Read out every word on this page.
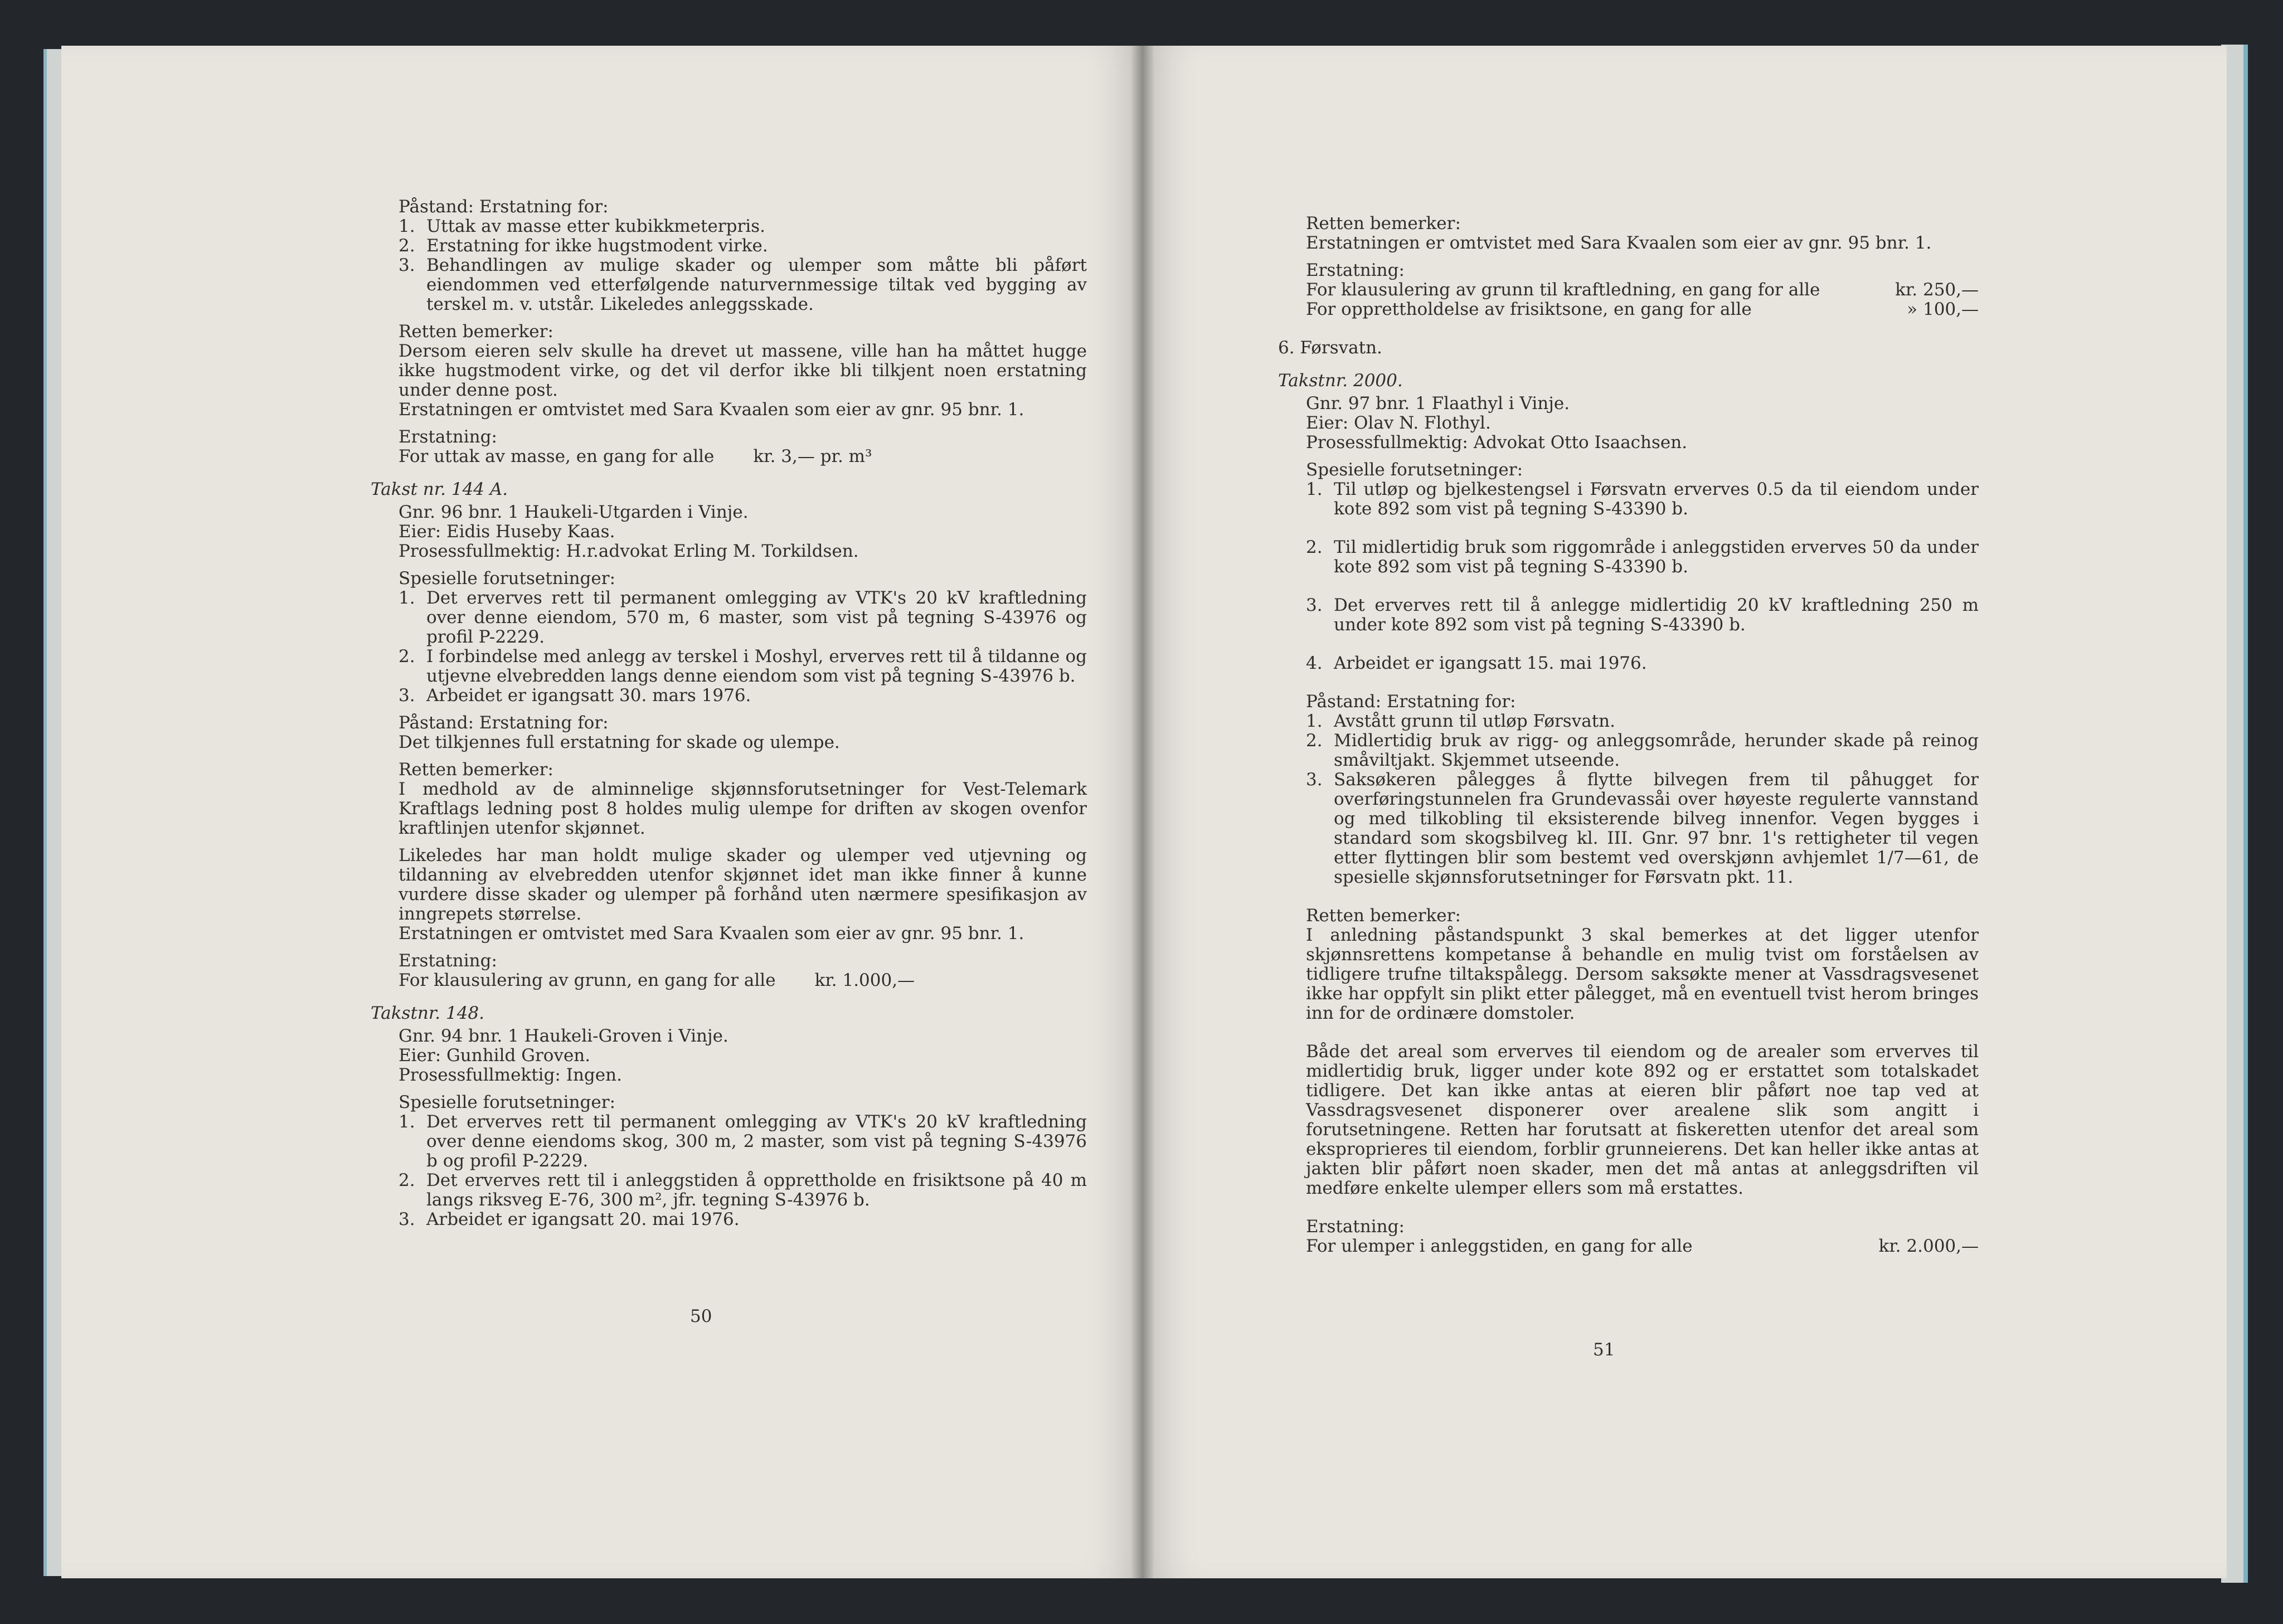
Påstand: Erstatning for:

1. Uttak av masse etter kubikkmeterpris.
2. Erstatning for ikke hugstmodent virke.
3. Behandlingen av mulige skader og ulemper som måtte bli påført eiendommen ved etterfølgende naturvernmessige tiltak ved bygging av terskel m. v. utstår. Likeledes anleggsskade.

Retten bemerker:

Dersom eieren selv skulle ha drevet ut massene, ville han ha måttet hugge ikke hugstmodent virke, og det vil derfor ikke bli tilkjent noen erstatning under denne post.

Erstatningen er omtvistet med Sara Kvaalen som eier av gnr. 95 bnr. 1.

Erstatning:

For uttak av masse, en gang for alle kr. 3,— pr. m³

Takst nr. 144 A.

Gnr. 96 bnr. 1 Haukeli-Utgarden i Vinje.

Eier: Eidis Huseby Kaas.

Prosessfullmektig: H.r.advokat Erling M. Torkildsen.

Spesielle forutsetninger:

1. Det erverves rett til permanent omlegging av VTK's 20 kV kraftledning over denne eiendom, 570 m, 6 master, som vist på tegning S-43976 og profil P-2229.
2. I forbindelse med anlegg av terskel i Moshyl, erverves rett til å tildanne og utjevne elvebredden langs denne eiendom som vist på tegning S-43976 b.
3. Arbeidet er igangsatt 30. mars 1976.

Påstand: Erstatning for:

Det tilkjennes full erstatning for skade og ulempe.

Retten bemerker:

I medhold av de alminnelige skjønnsforutsetninger for Vest-Telemark Kraftlags ledning post 8 holdes mulig ulempe for driften av skogen ovenfor kraftlinjen utenfor skjønnet.

Likeledes har man holdt mulige skader og ulemper ved utjevning og tildanning av elvebredden utenfor skjønnet idet man ikke finner å kunne vurdere disse skader og ulemper på forhånd uten nærmere spesifikasjon av inngrepets størrelse.

Erstatningen er omtvistet med Sara Kvaalen som eier av gnr. 95 bnr. 1.

Erstatning:

For klausulering av grunn, en gang for alle kr. 1.000,—

Takstnr. 148.

Gnr. 94 bnr. 1 Haukeli-Groven i Vinje.

Eier: Gunhild Groven.

Prosessfullmektig: Ingen.

Spesielle forutsetninger:

1. Det erverves rett til permanent omlegging av VTK's 20 kV kraftledning over denne eiendoms skog, 300 m, 2 master, som vist på tegning S-43976 b og profil P-2229.
2. Det erverves rett til i anleggstiden å opprettholde en frisiktsone på 40 m langs riksveg E-76, 300 m², jfr. tegning S-43976 b.
3. Arbeidet er igangsatt 20. mai 1976.
50

Retten bemerker:

Erstatningen er omtvistet med Sara Kvaalen som eier av gnr. 95 bnr. 1.

Erstatning:

For klausulering av grunn til kraftledning, en gang for alle	kr. 250,—
For opprettholdelse av frisiktsone, en gang for alle	» 100,—

6. Førsvatn.

Takstnr. 2000.

Gnr. 97 bnr. 1 Flaathyl i Vinje.

Eier: Olav N. Flothyl.

Prosessfullmektig: Advokat Otto Isaachsen.

Spesielle forutsetninger:

1. Til utløp og bjelkestengsel i Førsvatn erverves 0.5 da til eiendom under kote 892 som vist på tegning S-43390 b.
2. Til midlertidig bruk som riggområde i anleggstiden erverves 50 da under kote 892 som vist på tegning S-43390 b.
3. Det erverves rett til å anlegge midlertidig 20 kV kraftledning 250 m under kote 892 som vist på tegning S-43390 b.
4. Arbeidet er igangsatt 15. mai 1976.

Påstand: Erstatning for:

1. Avstått grunn til utløp Førsvatn.
2. Midlertidig bruk av rigg- og anleggsområde, herunder skade på reinog småviltjakt. Skjemmet utseende.
3. Saksøkeren pålegges å flytte bilvegen frem til påhugget for overføringstunnelen fra Grundevassåi over høyeste regulerte vannstand og med tilkobling til eksisterende bilveg innenfor. Vegen bygges i standard som skogsbilveg kl. III. Gnr. 97 bnr. 1's rettigheter til vegen etter flyttingen blir som bestemt ved overskjønn avhjemlet 1/7—61, de spesielle skjønnsforutsetninger for Førsvatn pkt. 11.

Retten bemerker:

I anledning påstandspunkt 3 skal bemerkes at det ligger utenfor skjønnsrettens kompetanse å behandle en mulig tvist om forståelsen av tidligere trufne tiltakspålegg. Dersom saksøkte mener at Vassdragsvesenet ikke har oppfylt sin plikt etter pålegget, må en eventuell tvist herom bringes inn for de ordinære domstoler.

Både det areal som erverves til eiendom og de arealer som erverves til midlertidig bruk, ligger under kote 892 og er erstattet som totalskadet tidligere. Det kan ikke antas at eieren blir påført noe tap ved at Vassdragsvesenet disponerer over arealene slik som angitt i forutsetningene. Retten har forutsatt at fiskeretten utenfor det areal som eksproprieres til eiendom, forblir grunneierens. Det kan heller ikke antas at jakten blir påført noen skader, men det må antas at anleggsdriften vil medføre enkelte ulemper ellers som må erstattes.

Erstatning:

For ulemper i anleggstiden, en gang for alle	kr. 2.000,—
51
